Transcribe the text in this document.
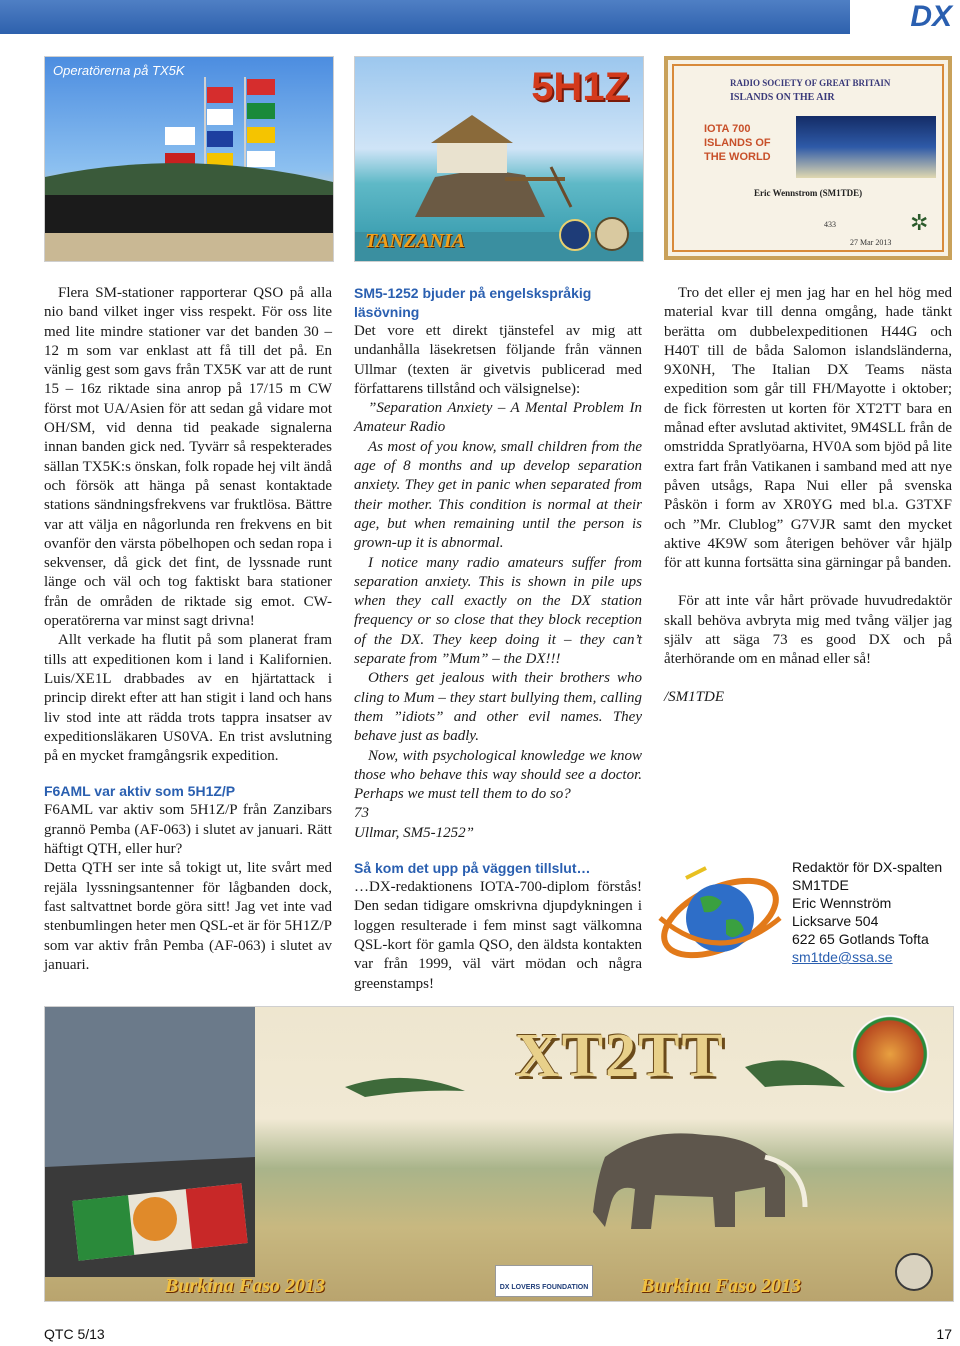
DX
Operatörerna på TX5K	5H1Z
TANZANIA
RADIO SOCIETY OF GREAT BRITAIN
ISLANDS ON THE AIR
IOTA 700 ISLANDS OF THE WORLD
Eric Wennstrom (SM1TDE)
433
27 Mar 2013
✲

Flera SM-stationer rapporterar QSO på alla nio band vilket inger viss respekt. För oss lite med lite mindre stationer var det banden 30 – 12 m som var enklast att få till det på. En vänlig gest som gavs från TX5K var att de runt 15 – 16z riktade sina anrop på 17/15 m CW först mot UA/Asien för att sedan gå vidare mot OH/SM, vid denna tid peakade signalerna innan banden gick ned. Tyvärr så respekterades sällan TX5K:s önskan, folk ropade hej vilt ändå och försök att hänga på senast kontaktade stations sändningsfrekvens var fruktlösa. Bättre var att välja en någorlunda ren frekvens en bit ovanför den värsta pöbelhopen och sedan ropa i sekvenser, då gick det fint, de lyssnade runt länge och väl och tog faktiskt bara stationer från de områden de riktade sig emot. CW-operatörerna var minst sagt drivna!

Allt verkade ha flutit på som planerat fram tills att expeditionen kom i land i Kalifornien. Luis/XE1L drabbades av en hjärtattack i princip direkt efter att han stigit i land och hans liv stod inte att rädda trots tappra insatser av expeditionsläkaren US0VA. En trist avslutning på en mycket framgångsrik expedition.

F6AML var aktiv som 5H1Z/P

F6AML var aktiv som 5H1Z/P från Zanzibars grannö Pemba (AF-063) i slutet av januari. Rätt häftigt QTH, eller hur?

Detta QTH ser inte så tokigt ut, lite svårt med rejäla lyssningsantenner för lågbanden dock, fast saltvattnet borde göra sitt! Jag vet inte vad stenbumlingen heter men QSL-et är för 5H1Z/P som var aktiv från Pemba (AF-063) i slutet av januari.

SM5-1252 bjuder på engelskspråkig läsövning

Det vore ett direkt tjänstefel av mig att undanhålla läsekretsen följande från vännen Ullmar (texten är givetvis publicerad med författarens tillstånd och välsignelse):

”Separation Anxiety – A Mental Problem In Amateur Radio

As most of you know, small children from the age of 8 months and up develop separation anxiety. They get in panic when separated from their mother. This condition is normal at their age, but when remaining until the person is grown-up it is abnormal.

I notice many radio amateurs suffer from separation anxiety. This is shown in pile ups when they call exactly on the DX station frequency or so close that they block reception of the DX. They keep doing it – they can’t separate from ”Mum” – the DX!!!

Others get jealous with their brothers who cling to Mum – they start bullying them, calling them ”idiots” and other evil names. They behave just as badly.

Now, with psychological knowledge we know those who behave this way should see a doctor. Perhaps we must tell them to do so?

73

Ullmar, SM5-1252”

Så kom det upp på väggen tillslut…

…DX-redaktionens IOTA-700-diplom förstås! Den sedan tidigare omskrivna djupdykningen i loggen resulterade i fem minst sagt välkomna QSL-kort för gamla QSO, den äldsta kontakten var från 1999, väl värt mödan och några greenstamps!

Tro det eller ej men jag har en hel hög med material kvar till denna omgång, hade tänkt berätta om dubbelexpeditionen H44G och H40T till de båda Salomon islandsländerna, 9X0NH, The Italian DX Teams nästa expedition som går till FH/Mayotte i oktober; de fick förresten ut korten för XT2TT bara en månad efter avslutad aktivitet, 9M4SLL från de omstridda Spratlyöarna, HV0A som bjöd på lite extra fart från Vatikanen i samband med att nye påven utsågs, Rapa Nui eller på svenska Påskön i form av XR0YG med bl.a. G3TXF och ”Mr. Clublog” G7VJR samt den mycket aktive 4K9W som återigen behöver vår hjälp för att kunna fortsätta sina gärningar på banden.

För att inte vår hårt prövade huvudredaktör skall behöva avbryta mig med tvång väljer jag själv att säga 73 es good DX och på återhörande om en månad eller så!

/SM1TDE

Redaktör för DX-spalten
SM1TDE
Eric Wennström
Licksarve 504
622 65 Gotlands Tofta
sm1tde@ssa.se
XT2TT
Burkina Faso 2013	Burkina Faso 2013
DX LOVERS FOUNDATION
QTC 5/13	17
